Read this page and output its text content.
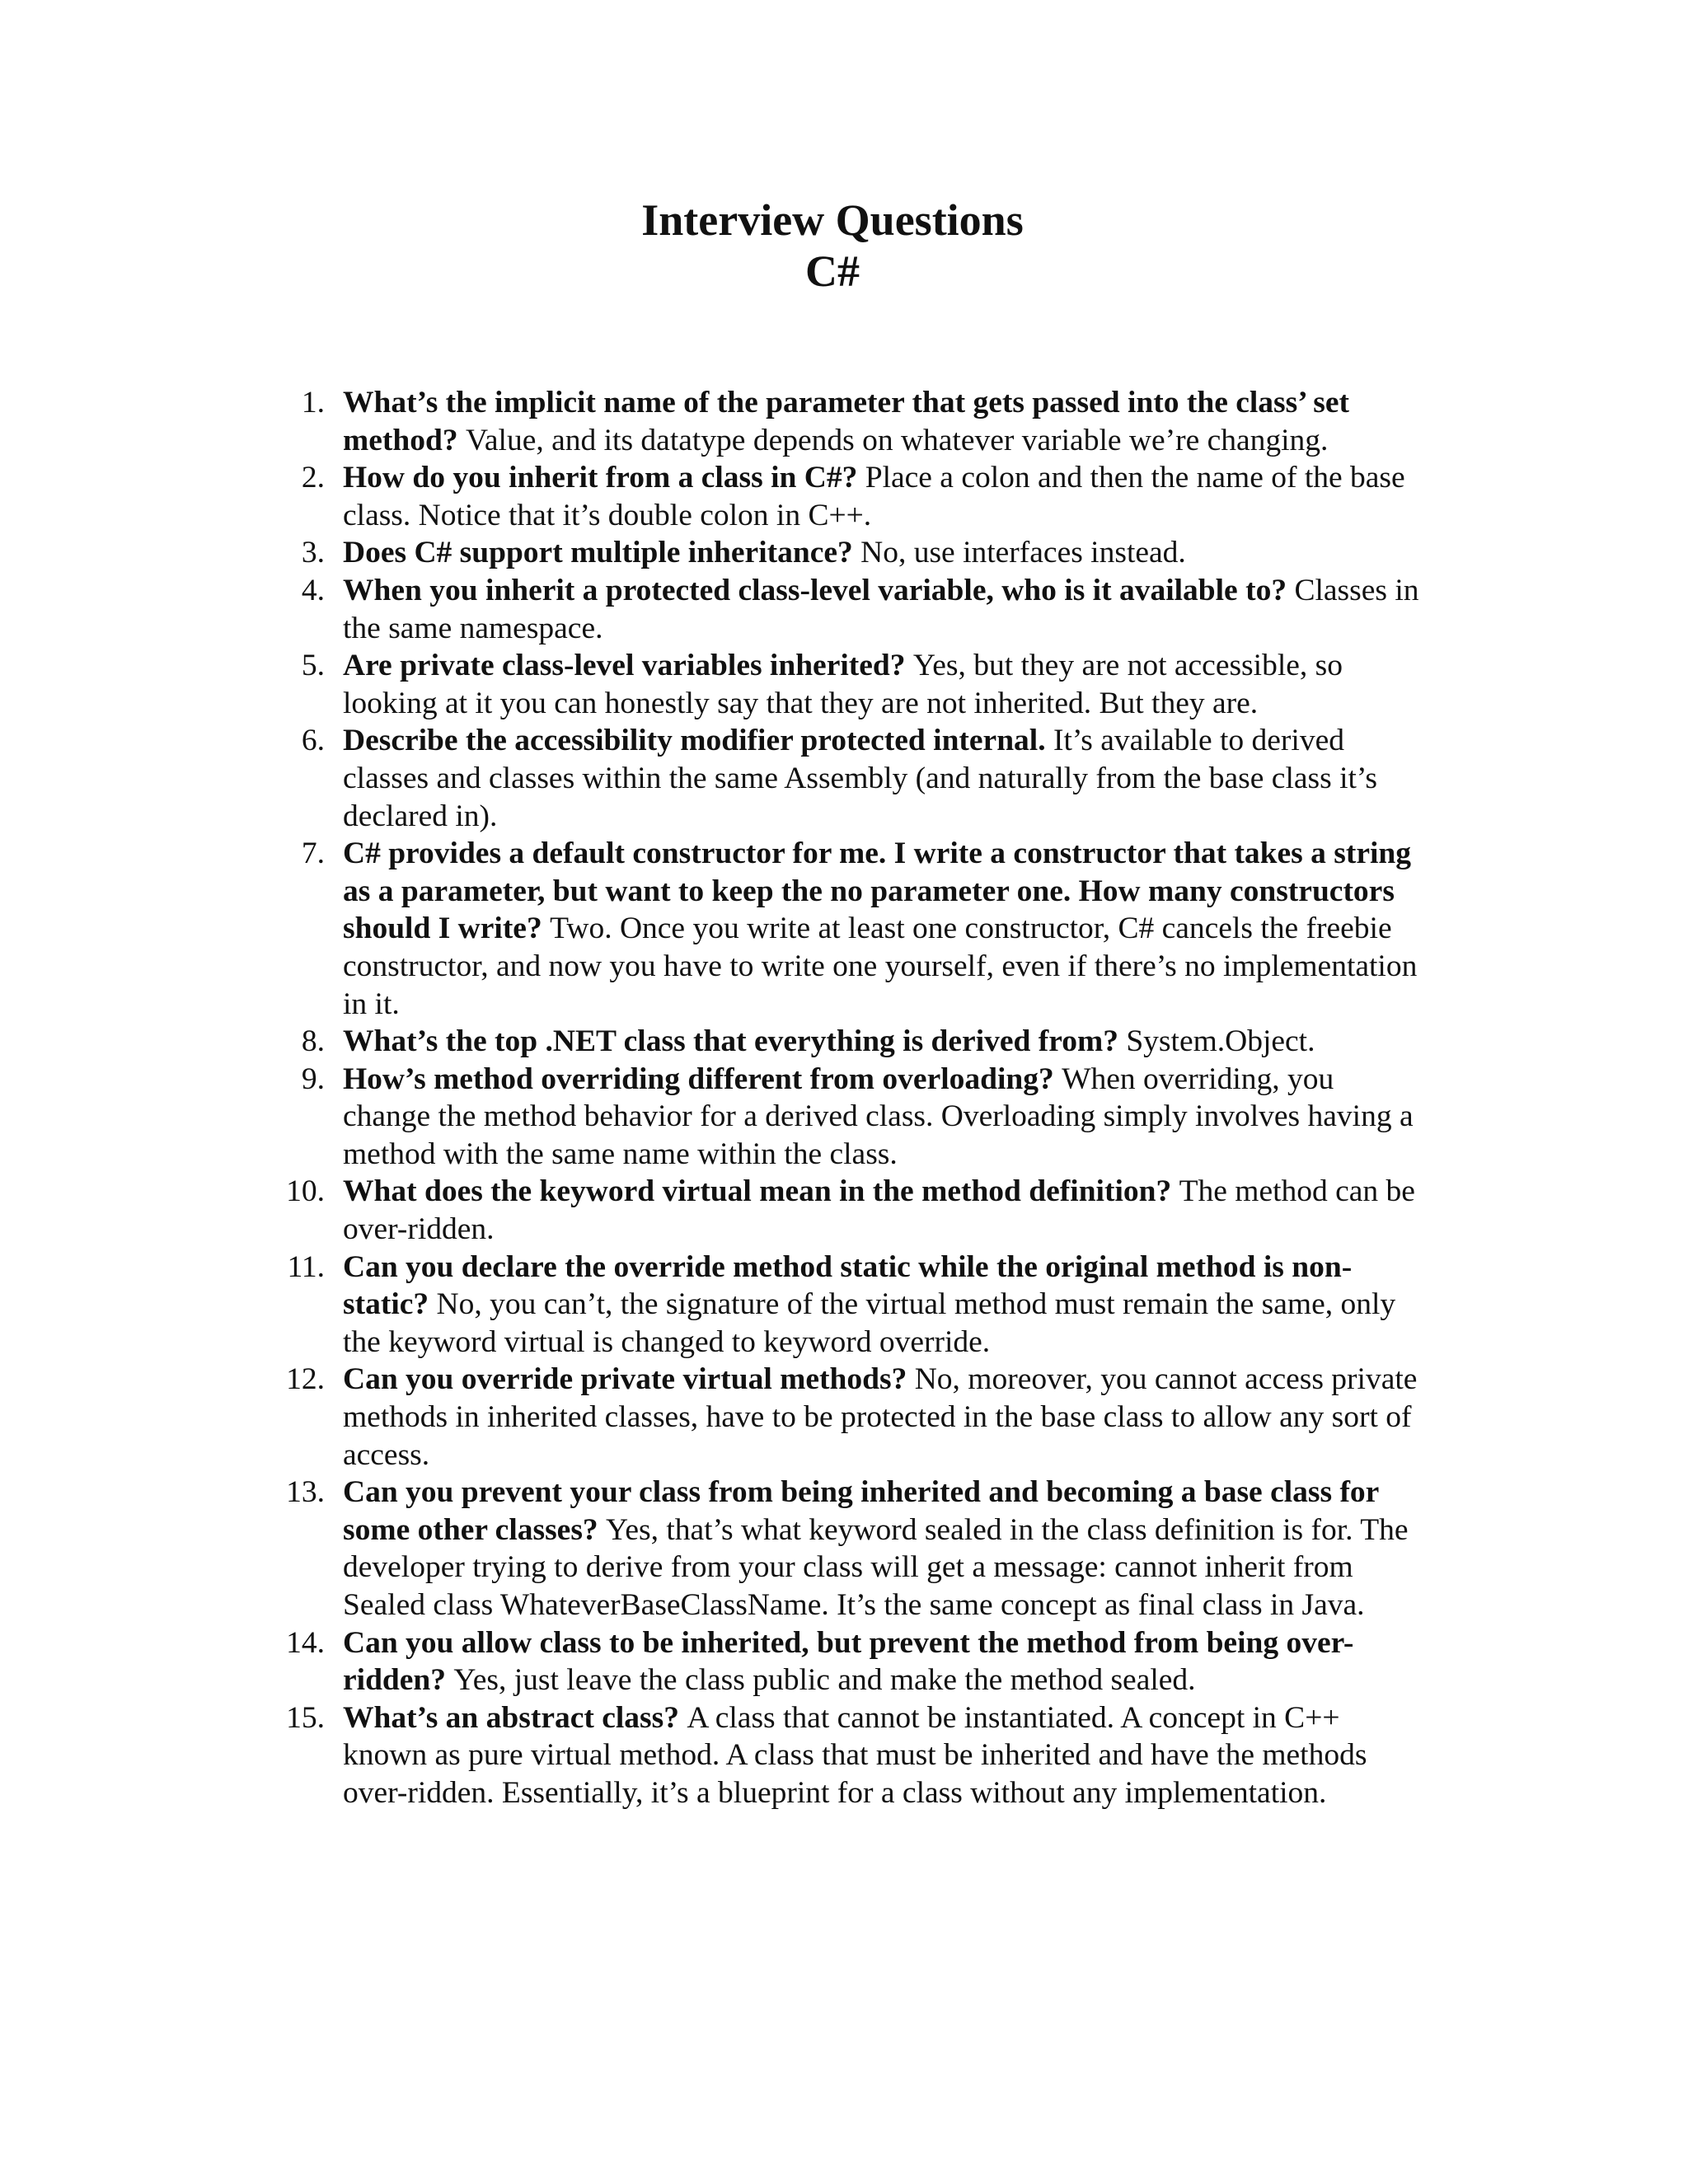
Interview Questions
C#
1. What’s the implicit name of the parameter that gets passed into the class’ set method? Value, and its datatype depends on whatever variable we’re changing.
2. How do you inherit from a class in C#? Place a colon and then the name of the base class. Notice that it’s double colon in C++.
3. Does C# support multiple inheritance? No, use interfaces instead.
4. When you inherit a protected class-level variable, who is it available to? Classes in the same namespace.
5. Are private class-level variables inherited? Yes, but they are not accessible, so looking at it you can honestly say that they are not inherited. But they are.
6. Describe the accessibility modifier protected internal. It’s available to derived classes and classes within the same Assembly (and naturally from the base class it’s declared in).
7. C# provides a default constructor for me. I write a constructor that takes a string as a parameter, but want to keep the no parameter one. How many constructors should I write? Two. Once you write at least one constructor, C# cancels the freebie constructor, and now you have to write one yourself, even if there’s no implementation in it.
8. What’s the top .NET class that everything is derived from? System.Object.
9. How’s method overriding different from overloading? When overriding, you change the method behavior for a derived class. Overloading simply involves having a method with the same name within the class.
10. What does the keyword virtual mean in the method definition? The method can be over-ridden.
11. Can you declare the override method static while the original method is non-static? No, you can’t, the signature of the virtual method must remain the same, only the keyword virtual is changed to keyword override.
12. Can you override private virtual methods? No, moreover, you cannot access private methods in inherited classes, have to be protected in the base class to allow any sort of access.
13. Can you prevent your class from being inherited and becoming a base class for some other classes? Yes, that’s what keyword sealed in the class definition is for. The developer trying to derive from your class will get a message: cannot inherit from Sealed class WhateverBaseClassName. It’s the same concept as final class in Java.
14. Can you allow class to be inherited, but prevent the method from being over-ridden? Yes, just leave the class public and make the method sealed.
15. What’s an abstract class? A class that cannot be instantiated. A concept in C++ known as pure virtual method. A class that must be inherited and have the methods over-ridden. Essentially, it’s a blueprint for a class without any implementation.
